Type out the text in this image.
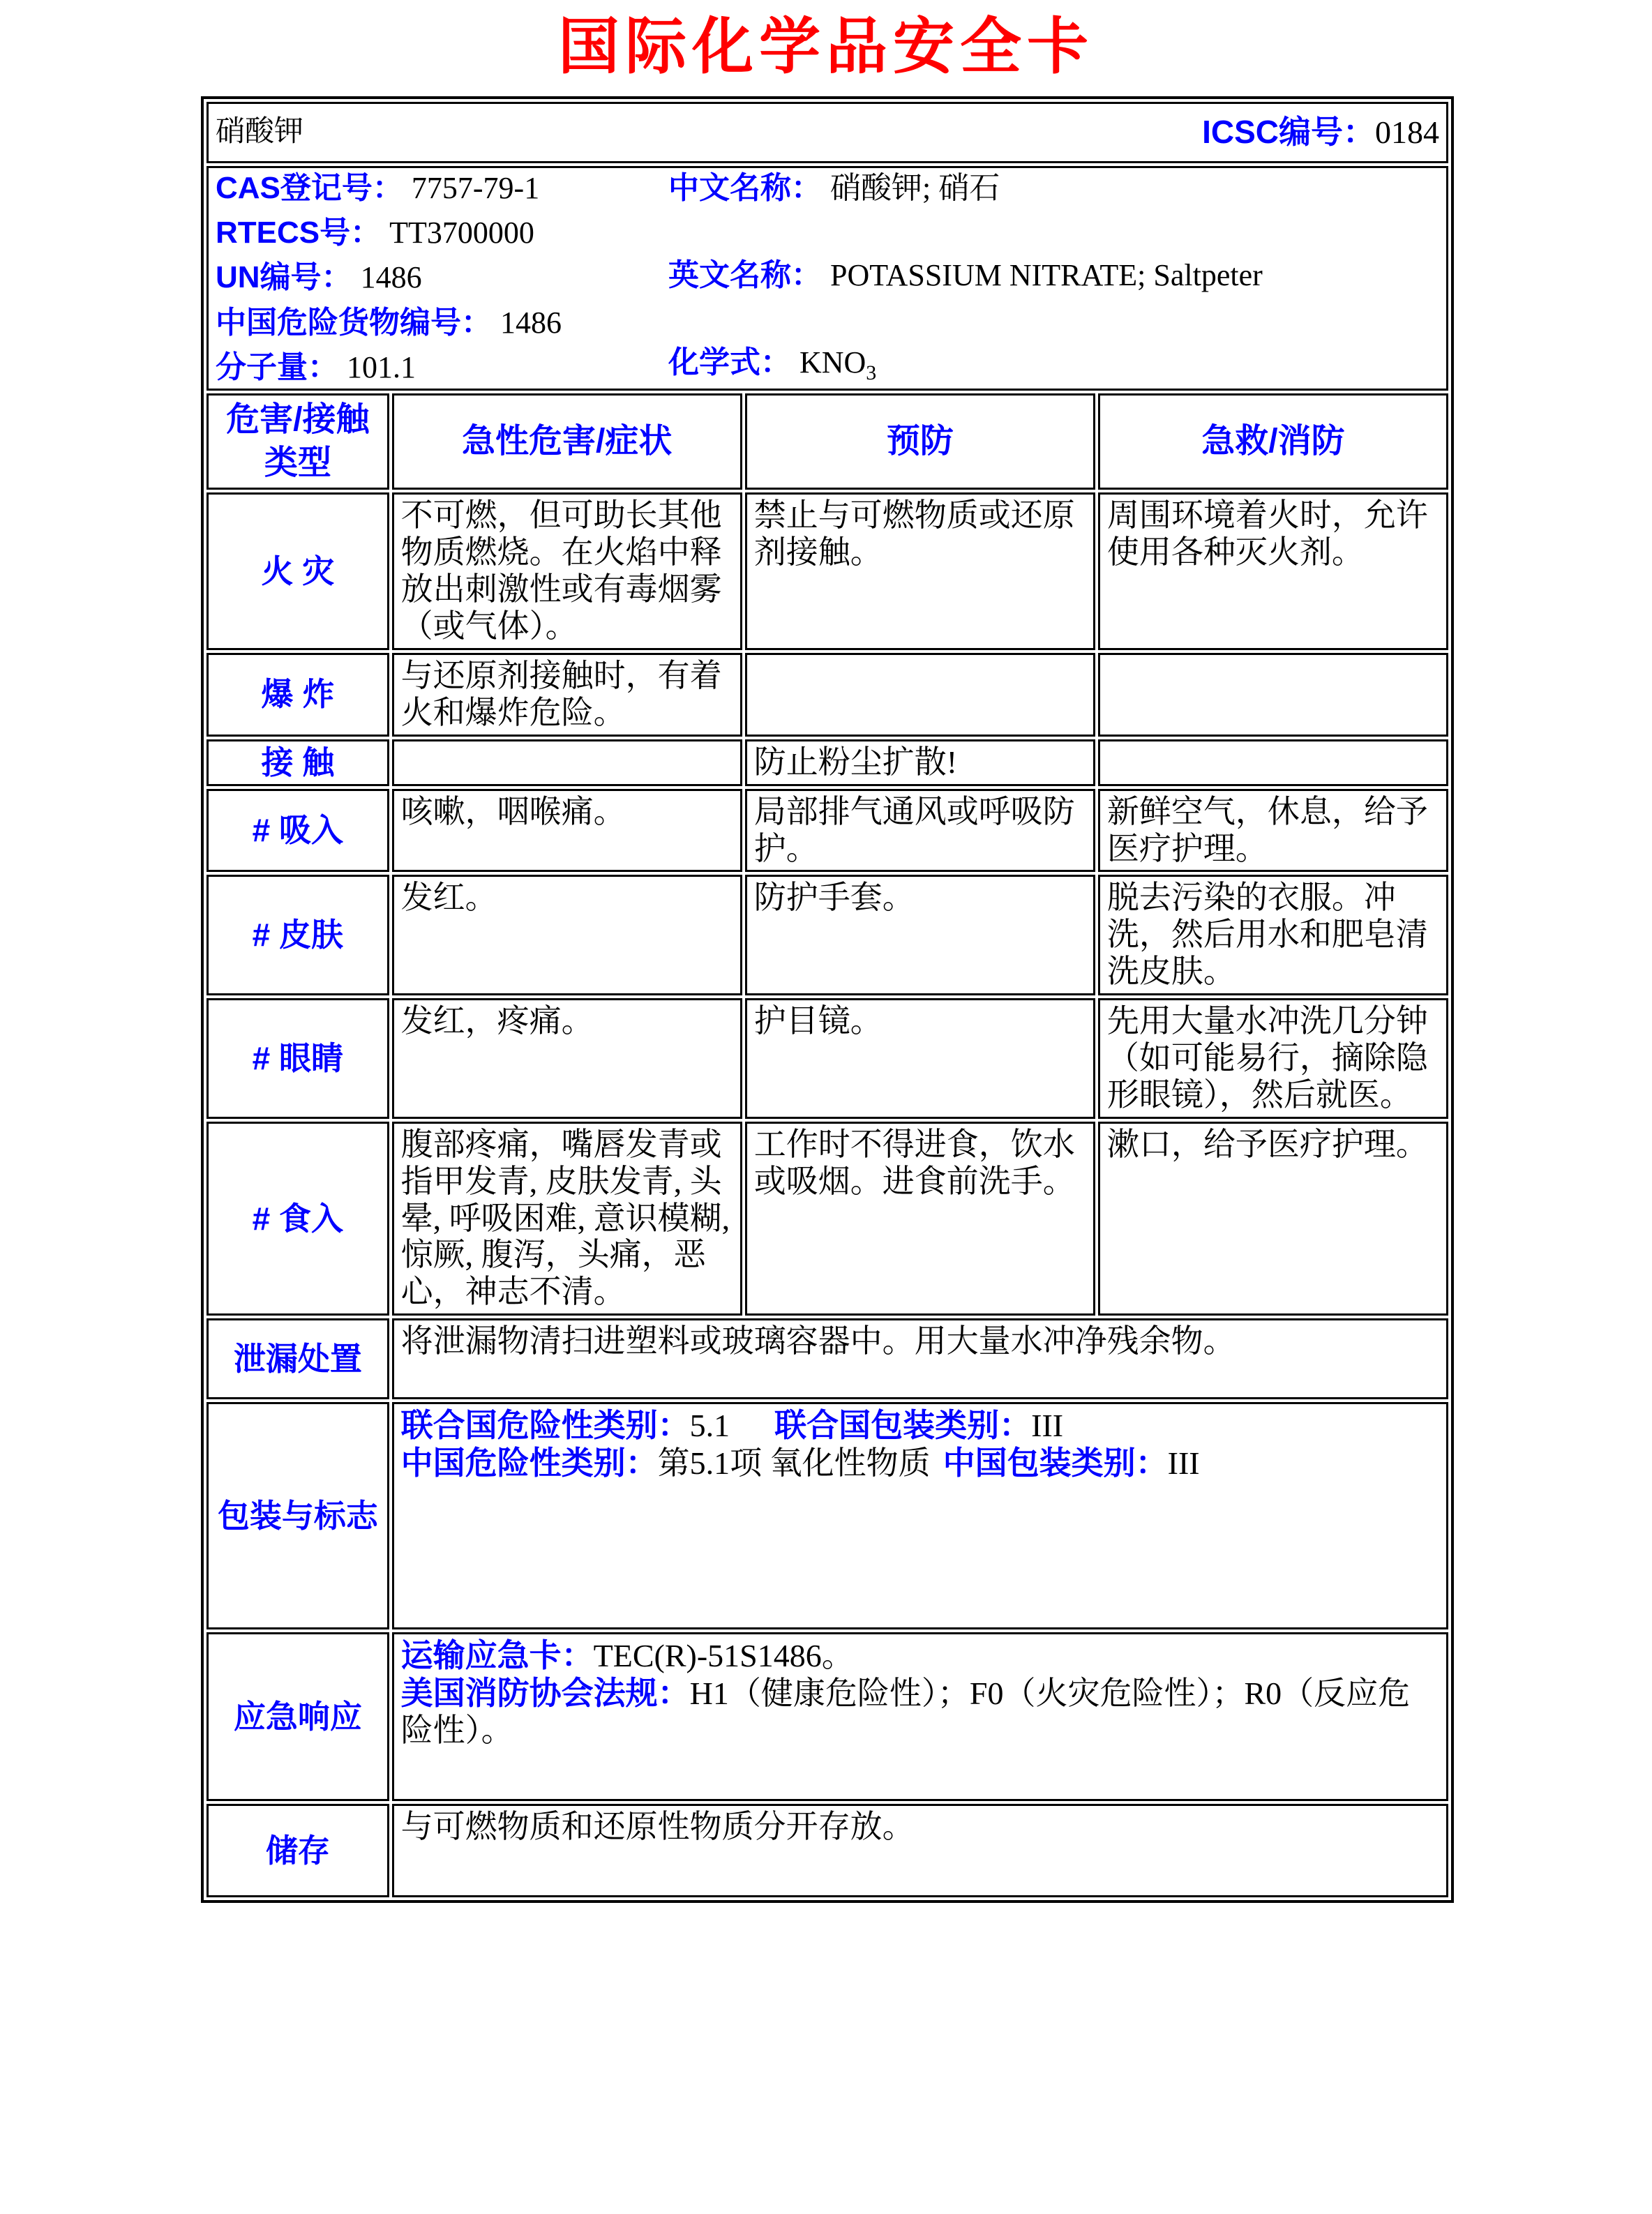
国际化学品安全卡
硝酸钾 ICSC编号：0184			

CAS登记号： 7757-79-1
RTECS号： TT3700000
UN编号： 1486
中国危险货物编号： 1486
分子量： 101.1
中文名称： 硝酸钾; 硝石
英文名称： POTASSIUM NITRATE; Saltpeter
化学式： $KNO_3$

危害/接触类型	急性危害/症状	预防	急救/消防
火 灾	不可燃，但可助长其他物质燃烧。在火焰中释放出刺激性或有毒烟雾（或气体）。	禁止与可燃物质或还原剂接触。	周围环境着火时，允许使用各种灭火剂。
爆 炸	与还原剂接触时，有着火和爆炸危险。		
接 触		防止粉尘扩散!	
# 吸入	咳嗽，咽喉痛。	局部排气通风或呼吸防护。	新鲜空气，休息，给予医疗护理。
# 皮肤	发红。	防护手套。	脱去污染的衣服。冲洗，然后用水和肥皂清洗皮肤。
# 眼睛	发红，疼痛。	护目镜。	先用大量水冲洗几分钟（如可能易行，摘除隐形眼镜），然后就医。
# 食入	腹部疼痛，嘴唇发青或指甲发青, 皮肤发青, 头晕, 呼吸困难, 意识模糊, 惊厥, 腹泻，头痛，恶心，神志不清。	工作时不得进食，饮水或吸烟。进食前洗手。	漱口，给予医疗护理。
泄漏处置	将泄漏物清扫进塑料或玻璃容器中。用大量水冲净残余物。		
包装与标志	联合国危险性类别：5.1 联合国包装类别：III
中国危险性类别：第5.1项 氧化性物质 中国包装类别：III		

应急响应	运输应急卡：TEC(R)-51S1486。
美国消防协会法规：H1（健康危险性）；F0（火灾危险性）；R0（反应危险性）。		

储存	与可燃物质和还原性物质分开存放。		
